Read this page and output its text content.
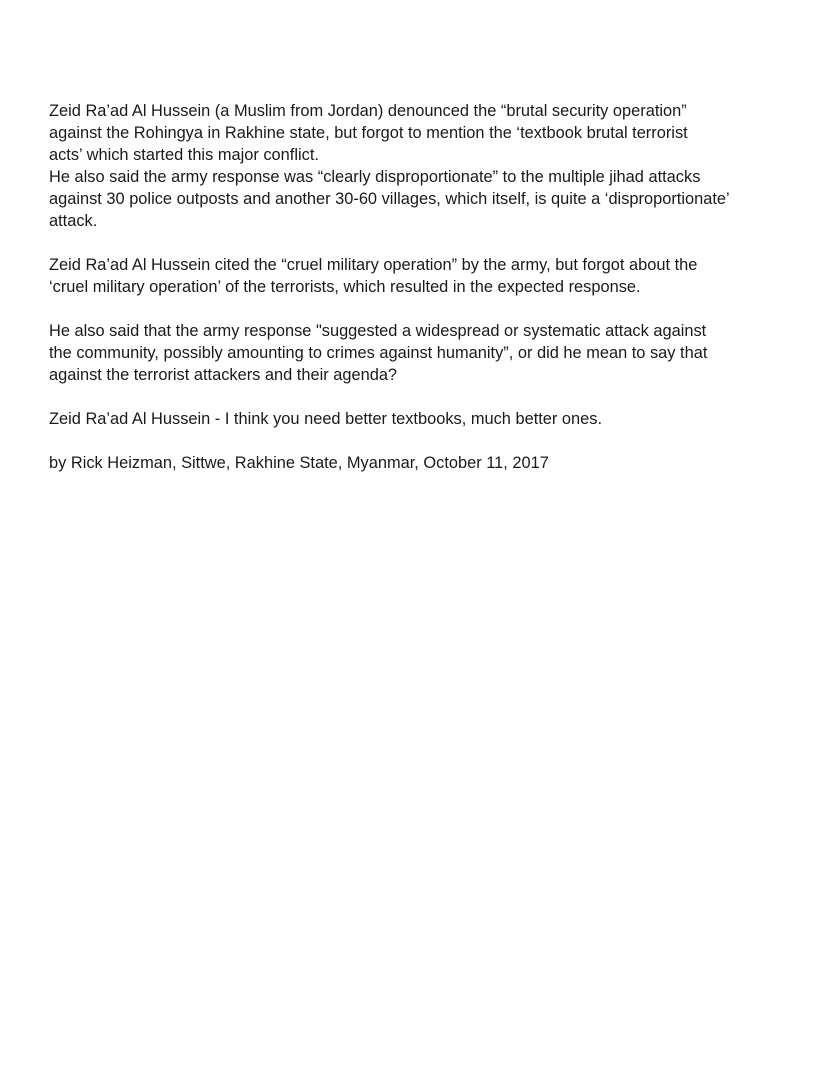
Zeid Ra’ad Al Hussein (a Muslim from Jordan) denounced the “brutal security operation”
against the Rohingya in Rakhine state, but forgot to mention the ‘textbook brutal terrorist
acts’ which started this major conflict.
He also said the army response was “clearly disproportionate” to the multiple jihad attacks
against 30 police outposts and another 30-60 villages, which itself, is quite a ‘disproportionate’
attack.

Zeid Ra’ad Al Hussein cited the “cruel military operation” by the army, but forgot about the
‘cruel military operation’ of the terrorists, which resulted in the expected response.

He also said that the army response "suggested a widespread or systematic attack against
the community, possibly amounting to crimes against humanity”, or did he mean to say that
against the terrorist attackers and their agenda?

Zeid Ra’ad Al Hussein - I think you need better textbooks, much better ones.

by Rick Heizman, Sittwe, Rakhine State, Myanmar, October 11, 2017
